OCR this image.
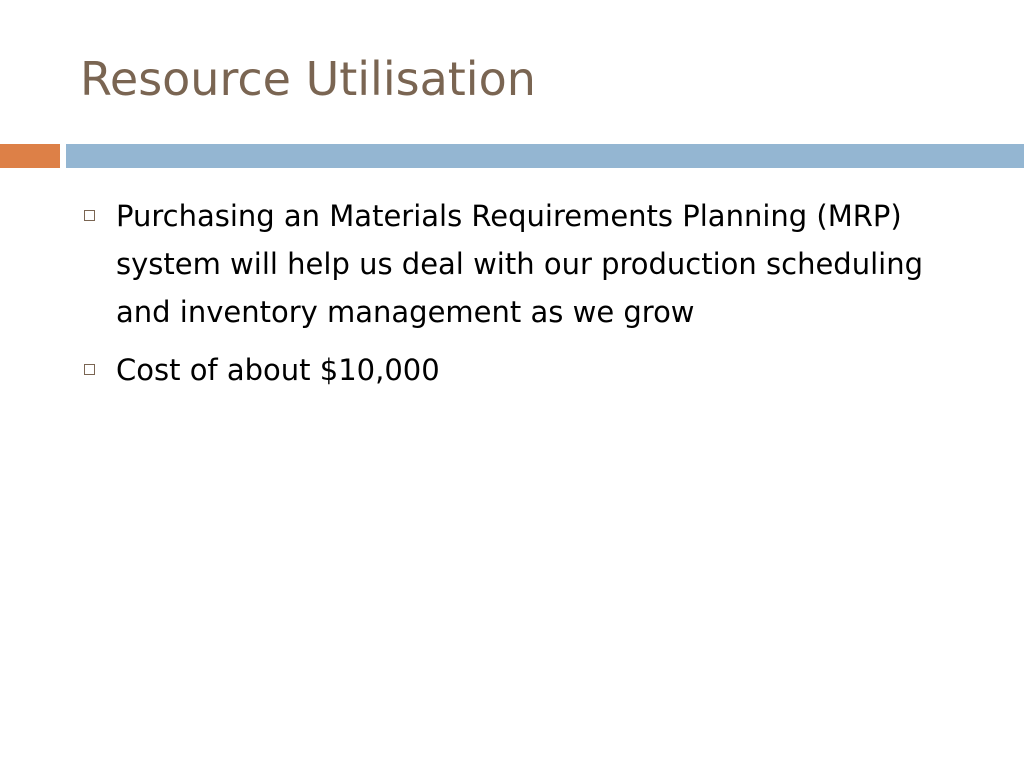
Resource Utilisation
Purchasing an Materials Requirements Planning (MRP) system will help us deal with our production scheduling and inventory management as we grow
Cost of about $10,000
